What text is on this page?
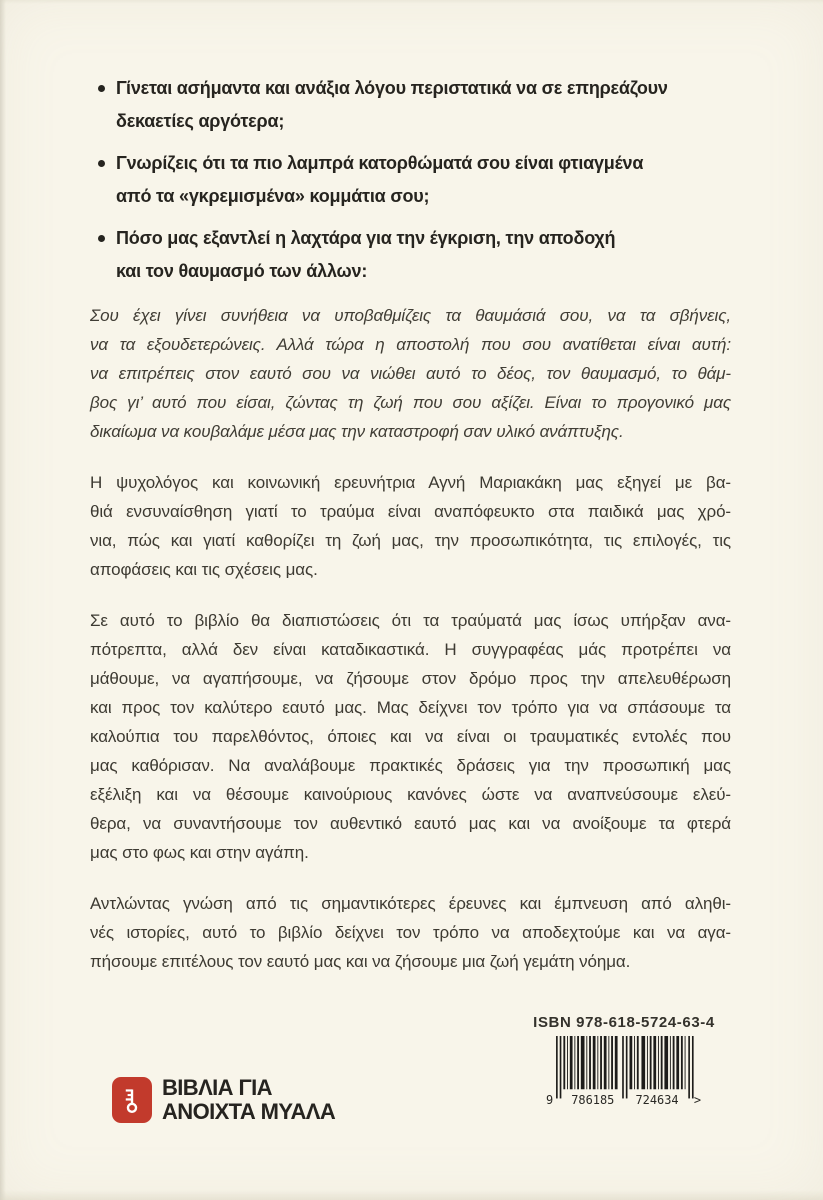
Γίνεται ασήμαντα και ανάξια λόγου περιστατικά να σε επηρεάζουν
δεκαετίες αργότερα;
Γνωρίζεις ότι τα πιο λαμπρά κατορθώματά σου είναι φτιαγμένα
από τα «γκρεμισμένα» κομμάτια σου;
Πόσο μας εξαντλεί η λαχτάρα για την έγκριση, την αποδοχή
και τον θαυμασμό των άλλων:
Σου έχει γίνει συνήθεια να υποβαθμίζεις τα θαυμάσιά σου, να τα σβήνεις,
να τα εξουδετερώνεις. Αλλά τώρα η αποστολή που σου ανατίθεται είναι αυτή:
να επιτρέπεις στον εαυτό σου να νιώθει αυτό το δέος, τον θαυμασμό, το θάμ-
βος γι’ αυτό που είσαι, ζώντας τη ζωή που σου αξίζει. Είναι το προγονικό μας
δικαίωμα να κουβαλάμε μέσα μας την καταστροφή σαν υλικό ανάπτυξης.
Η ψυχολόγος και κοινωνική ερευνήτρια Αγνή Μαριακάκη μας εξηγεί με βα-
θιά ενσυναίσθηση γιατί το τραύμα είναι αναπόφευκτο στα παιδικά μας χρό-
νια, πώς και γιατί καθορίζει τη ζωή μας, την προσωπικότητα, τις επιλογές, τις
αποφάσεις και τις σχέσεις μας.
Σε αυτό το βιβλίο θα διαπιστώσεις ότι τα τραύματά μας ίσως υπήρξαν ανα-
πότρεπτα, αλλά δεν είναι καταδικαστικά. Η συγγραφέας μάς προτρέπει να
μάθουμε, να αγαπήσουμε, να ζήσουμε στον δρόμο προς την απελευθέρωση
και προς τον καλύτερο εαυτό μας. Μας δείχνει τον τρόπο για να σπάσουμε τα
καλούπια του παρελθόντος, όποιες και να είναι οι τραυματικές εντολές που
μας καθόρισαν. Να αναλάβουμε πρακτικές δράσεις για την προσωπική μας
εξέλιξη και να θέσουμε καινούριους κανόνες ώστε να αναπνεύσουμε ελεύ-
θερα, να συναντήσουμε τον αυθεντικό εαυτό μας και να ανοίξουμε τα φτερά
μας στο φως και στην αγάπη.
Αντλώντας γνώση από τις σημαντικότερες έρευνες και έμπνευση από αληθι-
νές ιστορίες, αυτό το βιβλίο δείχνει τον τρόπο να αποδεχτούμε και να αγα-
πήσουμε επιτέλους τον εαυτό μας και να ζήσουμε μια ζωή γεμάτη νόημα.
ΒΙΒΛΙΑ ΓΙΑ
ΑΝΟΙΧΤΑ ΜΥΑΛΑ
ISBN 978-618-5724-63-4
9 786185 724634 >
